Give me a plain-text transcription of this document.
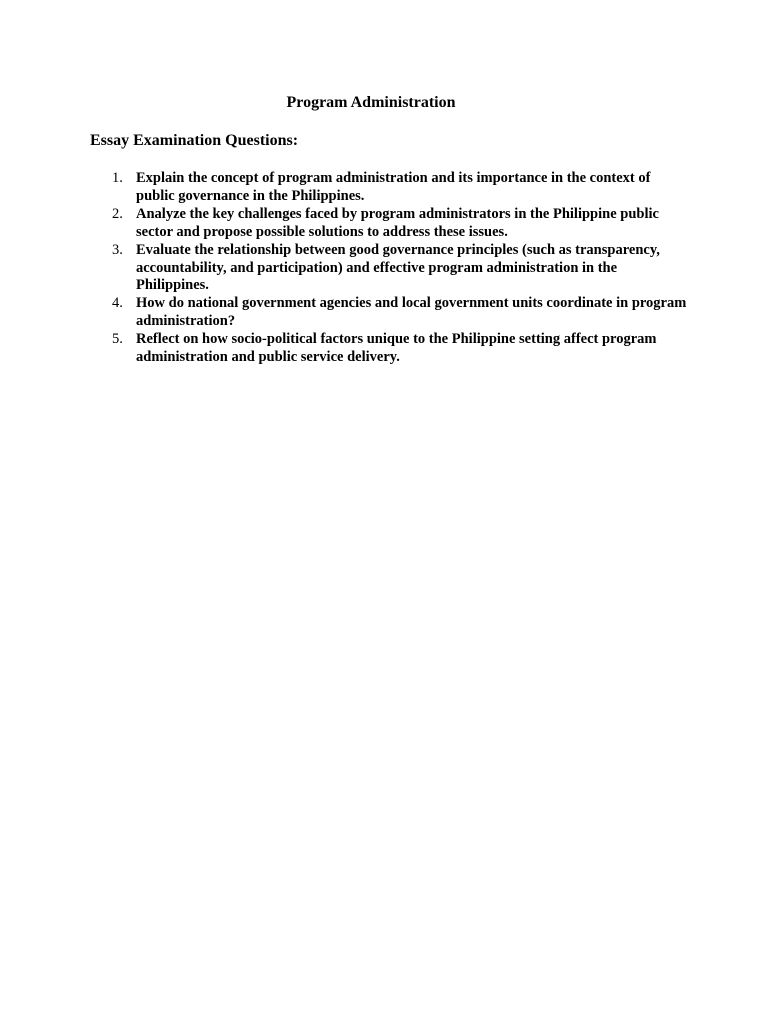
Program Administration
Essay Examination Questions:
1. Explain the concept of program administration and its importance in the context of public governance in the Philippines.
2. Analyze the key challenges faced by program administrators in the Philippine public sector and propose possible solutions to address these issues.
3. Evaluate the relationship between good governance principles (such as transparency, accountability, and participation) and effective program administration in the Philippines.
4. How do national government agencies and local government units coordinate in program administration?
5. Reflect on how socio-political factors unique to the Philippine setting affect program administration and public service delivery.
